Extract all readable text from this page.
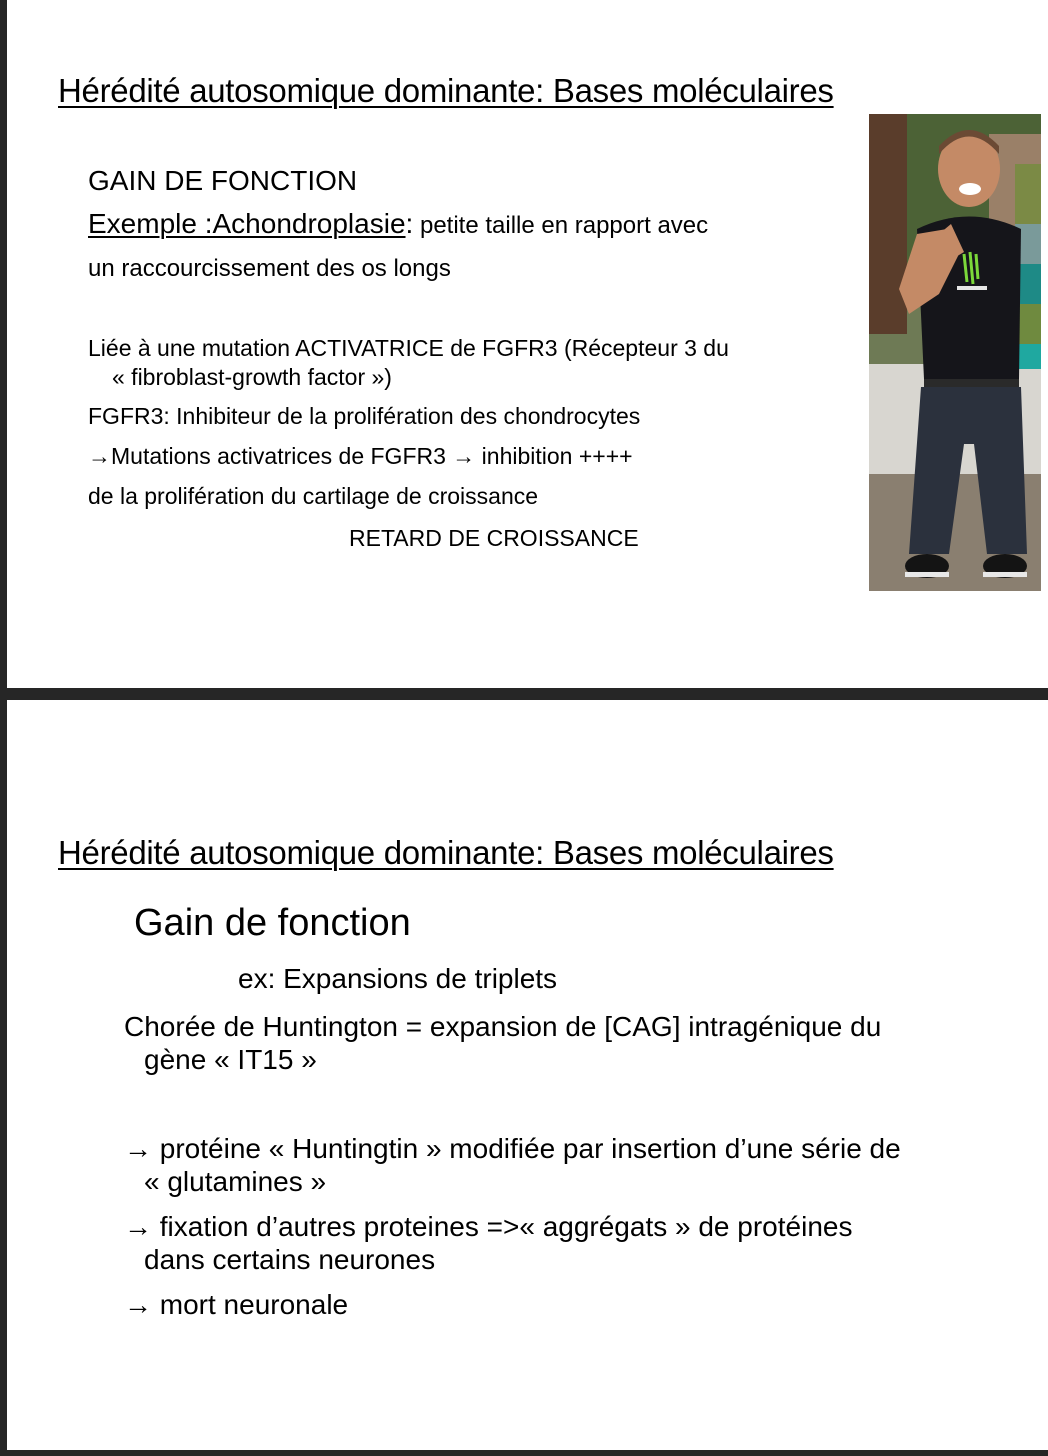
Hérédité autosomique dominante: Bases moléculaires
GAIN DE FONCTION
Exemple :Achondroplasie: petite taille en rapport avec
un raccourcissement des os longs
Liée à une mutation ACTIVATRICE de FGFR3 (Récepteur 3 du
« fibroblast-growth factor »)
FGFR3: Inhibiteur de la prolifération des chondrocytes
→Mutations activatrices de FGFR3 → inhibition ++++
de la prolifération du cartilage de croissance
RETARD DE CROISSANCE
Hérédité autosomique dominante: Bases moléculaires
Gain de fonction
ex: Expansions de triplets
Chorée de Huntington = expansion de [CAG] intragénique du
gène « IT15 »
→ protéine « Huntingtin » modifiée par insertion d’une série de
« glutamines »
→ fixation d’autres proteines =>« aggrégats » de protéines
dans certains neurones
→ mort neuronale
